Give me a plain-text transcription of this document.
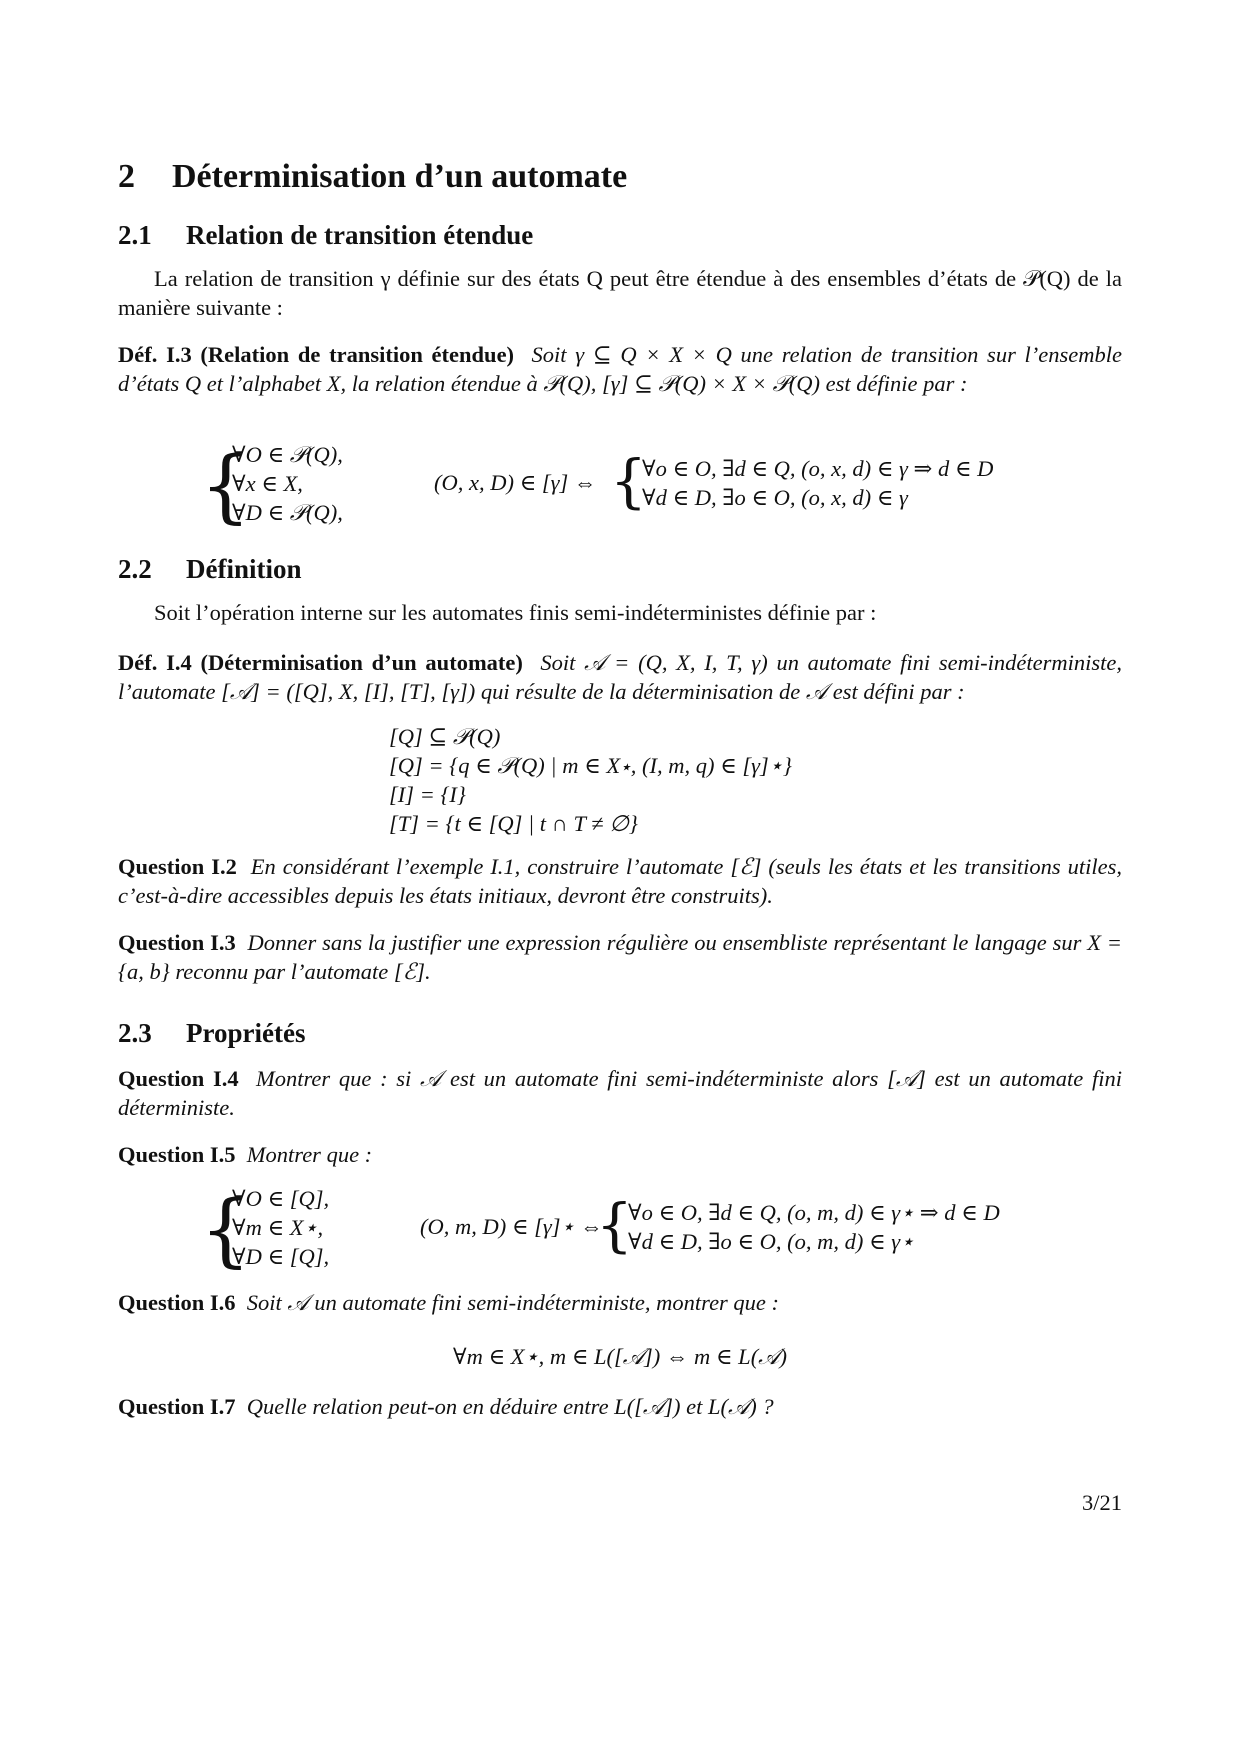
2 Déterminisation d’un automate
2.1 Relation de transition étendue

La relation de transition γ définie sur des états Q peut être étendue à des ensembles d’états de 𝒫(Q) de la manière suivante :

Déf. I.3 (Relation de transition étendue) Soit γ ⊆ Q × X × Q une relation de transition sur l’ensemble d’états Q et l’alphabet X, la relation étendue à 𝒫(Q), [γ] ⊆ 𝒫(Q) × X × 𝒫(Q) est définie par :

{
∀O ∈ 𝒫(Q),
∀x ∈ X,
∀D ∈ 𝒫(Q),
(O, x, D) ∈ [γ] ⇔ {
∀o ∈ O, ∃d ∈ Q, (o, x, d) ∈ γ ⇒ d ∈ D
∀d ∈ D, ∃o ∈ O, (o, x, d) ∈ γ
2.2 Définition

Soit l’opération interne sur les automates finis semi-indéterministes définie par :

Déf. I.4 (Déterminisation d’un automate) Soit 𝒜 = (Q, X, I, T, γ) un automate fini semi-indéterministe, l’automate [𝒜] = ([Q], X, [I], [T], [γ]) qui résulte de la déterminisation de 𝒜 est défini par :

[Q] ⊆ 𝒫(Q)
[Q] = {q ∈ 𝒫(Q) | m ∈ X⋆, (I, m, q) ∈ [γ]⋆}
[I] = {I}
[T] = {t ∈ [Q] | t ∩ T ≠ ∅}

Question I.2 En considérant l’exemple I.1, construire l’automate [ℰ] (seuls les états et les transitions utiles, c’est-à-dire accessibles depuis les états initiaux, devront être construits).

Question I.3 Donner sans la justifier une expression régulière ou ensembliste représentant le langage sur X = {a, b} reconnu par l’automate [ℰ].

2.3 Propriétés

Question I.4 Montrer que : si 𝒜 est un automate fini semi-indéterministe alors [𝒜] est un automate fini déterministe.

Question I.5 Montrer que :

{
∀O ∈ [Q],
∀m ∈ X⋆,
∀D ∈ [Q],
(O, m, D) ∈ [γ]⋆ ⇔
{
∀o ∈ O, ∃d ∈ Q, (o, m, d) ∈ γ⋆ ⇒ d ∈ D
∀d ∈ D, ∃o ∈ O, (o, m, d) ∈ γ⋆

Question I.6 Soit 𝒜 un automate fini semi-indéterministe, montrer que :

∀m ∈ X⋆, m ∈ L([𝒜]) ⇔ m ∈ L(𝒜)

Question I.7 Quelle relation peut-on en déduire entre L([𝒜]) et L(𝒜) ?

3/21
